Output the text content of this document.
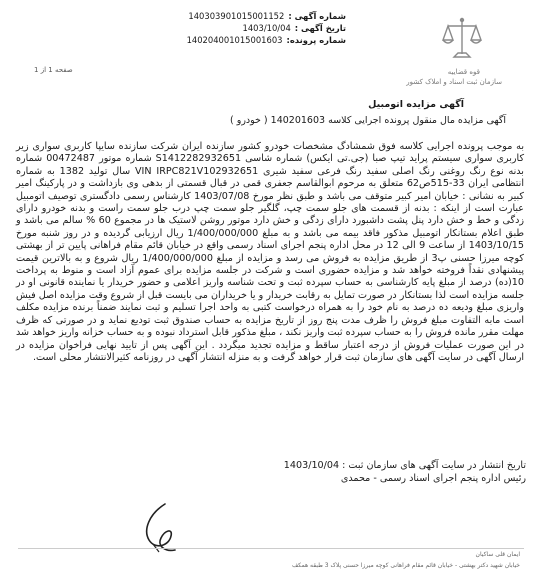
شماره آگهی :
140303901015001152
تاریخ آگهی :
1403/10/04
شماره پرونده:
140204001015001603
قوه قضاییه
سازمان ثبت اسناد و املاک کشور
صفحه 1 از 1
آگهی مزایده اتومبیل
آگهی مزایده مال منقول پرونده اجرایی کلاسه 140201603 ( خودرو )
به موجب پرونده اجرایی کلاسه فوق شمشادگ مشخصات خودرو کشور سازنده ایران شرکت سازنده سایپا کاربری سواری زیر کاربری سواری سیستم پراید تیپ صبا (جی.تی ایکس) شماره شاسی S1412282932651 شماره موتور 00472487 شماره بدنه نوع رنگ روغنی رنگ اصلی سفید رنگ فرعی سفید شیری VIN IRPC821V102932651 سال تولید 1382 به شماره انتظامی ایران 33-515ص62 متعلق به مرحوم ابوالقاسم جعفری قمی در قبال قسمتی از بدهی وی بازداشت و در پارکینگ امیر کبیر به نشانی : خیابان امیر کبیر متوقف می باشد و طبق نظر مورخ 1403/07/08 کارشناس رسمی دادگستری توصیف اتومبیل عبارت است از اینکه : بدنه از قسمت های جلو سمت چپ، گلگیر جلو سمت چپ درب جلو سمت راست و بدنه خودرو دارای زدگی و خط و خش دارد پنل پشت داشبورد دارای زدگی و خش دارد موتور روشن لاستیک ها در مجموع 60 % سالم می باشد و طبق اعلام بستانکار اتومبیل مذکور فاقد بیمه می باشد و به مبلغ 1/400/000/000 ریال ارزیابی گردیده و در روز شنبه مورخ 1403/10/15 از ساعت 9 الی 12 در محل اداره پنجم اجرای اسناد رسمی واقع در خیابان قائم مقام فراهانی پایین تر از بهشتی کوچه میرزا حسنی پ3 از طریق مزایده به فروش می رسد و مزایده از مبلغ 1/400/000/000 ریال شروع و به بالاترین قیمت پیشنهادی نقداً فروخته خواهد شد و مزایده حضوری است و شرکت در جلسه مزایده برای عموم آزاد است و منوط به پرداخت 10(ده) درصد از مبلغ پایه کارشناسی به حساب سپرده ثبت و تحت شناسه واریز اعلامی و حضور خریدار یا نماینده قانونی او در جلسه مزایده است لذا بستانکار در صورت تمایل به رقابت خریدار و یا خریداران می بایست قبل از شروع وقت مزایده اصل فیش واریزی مبلغ ودیعه ده درصد به نام خود را به همراه درخواست کتبی به واحد اجرا تسلیم و ثبت نمایند ضمناً برنده مزایده مکلف است مابه التفاوت مبلغ فروش را ظرف مدت پنج روز از تاریخ مزایده به حساب صندوق ثبت تودیع نماید و در صورتی که ظرف مهلت مقرر مانده فروش را به حساب سپرده ثبت واریز نکند ، مبلغ مذکور قابل استرداد نبوده و به حساب خزانه واریز خواهد شد در این صورت عملیات فروش از درجه اعتبار ساقط و مزایده تجدید میگردد . این آگهی پس از تایید نهایی فراخوان مزایده در ارسال آگهی در سایت آگهی های سازمان ثبت قرار خواهد گرفت و به منزله انتشار آگهی در روزنامه کثیرالانتشار محلی است.
تاریخ انتشار در سایت آگهی های سازمان ثبت : 1403/10/04
رئیس اداره پنجم اجرای اسناد رسمی - محمدی
ایمان قلی ساکیان
خیابان شهید دکتر بهشتی - خیابان قائم مقام فراهانی کوچه میرزا حسنی پلاک 3 طبقه همکف
